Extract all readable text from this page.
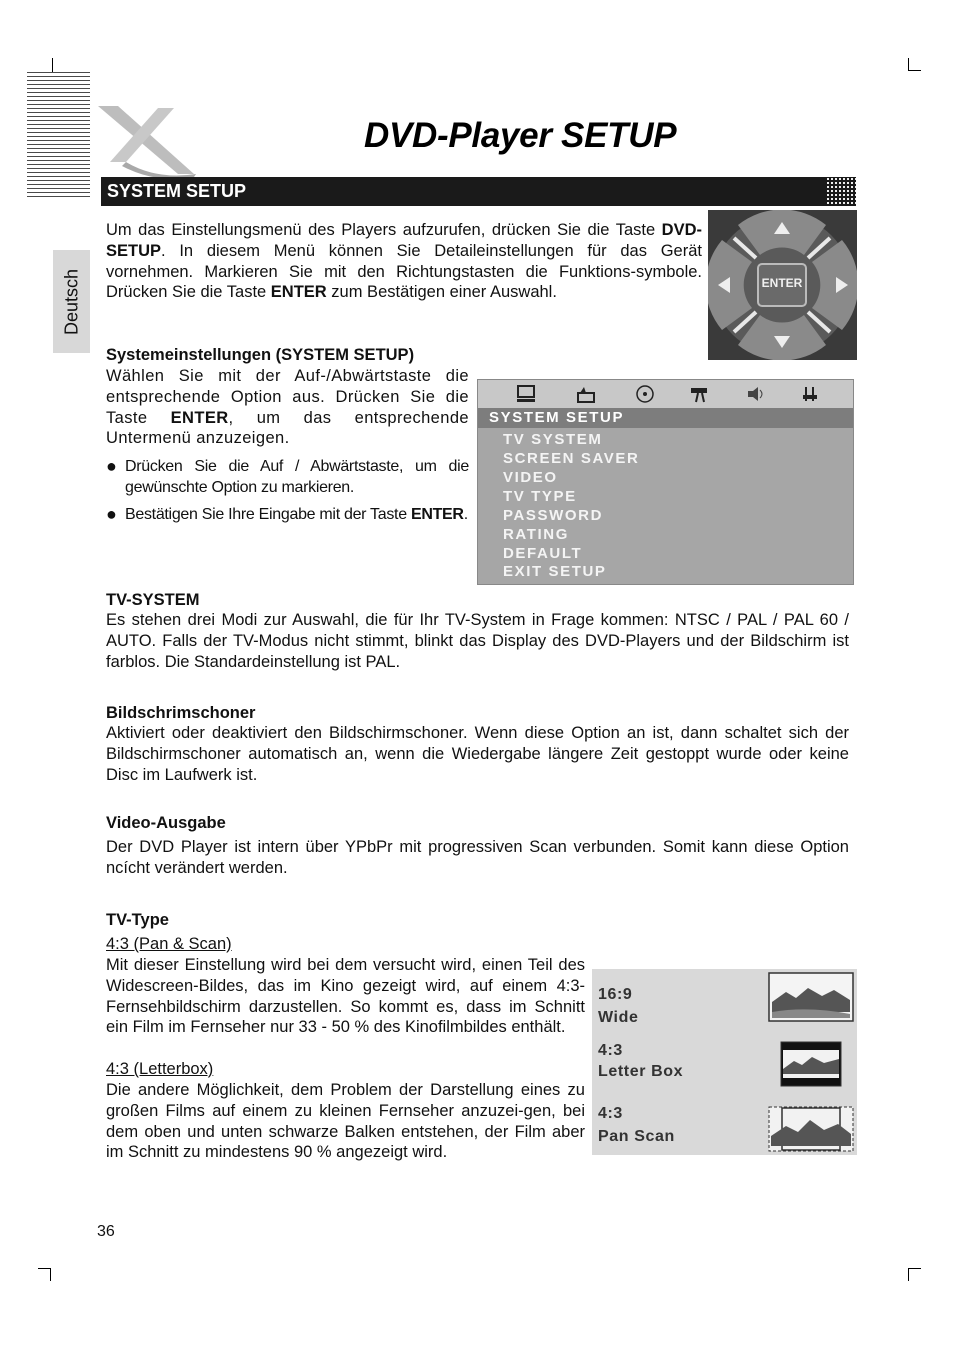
DVD-Player SETUP
SYSTEM SETUP
Deutsch
Um das Einstellungsmenü des Players aufzurufen, drücken Sie die Taste DVD-SETUP. In diesem Menü können Sie Detaileinstellungen für das Gerät vornehmen. Markieren Sie mit den Richtungstasten die Funktions-symbole. Drücken Sie die Taste ENTER zum Bestätigen einer Auswahl.
ENTER
Systemeinstellungen (SYSTEM SETUP)
Wählen Sie mit der Auf-/Abwärtstaste die entsprechende Option aus. Drücken Sie die Taste ENTER, um das entsprechende Untermenü anzuzeigen.
● Drücken Sie die Auf / Abwärtstaste, um die gewünschte Option zu markieren.
● Bestätigen Sie Ihre Eingabe mit der Taste ENTER.
SYSTEM SETUP
TV SYSTEM
SCREEN SAVER
VIDEO
TV TYPE
PASSWORD
RATING
DEFAULT
EXIT SETUP
TV-SYSTEM
Es stehen drei Modi zur Auswahl, die für Ihr TV-System in Frage kommen: NTSC / PAL / PAL 60 / AUTO. Falls der TV-Modus nicht stimmt, blinkt das Display des DVD-Players und der Bildschirm ist farblos. Die Standardeinstellung ist PAL.
Bildschrimschoner
Aktiviert oder deaktiviert den Bildschirmschoner. Wenn diese Option an ist, dann schaltet sich der Bildschirmschoner automatisch an, wenn die Wiedergabe längere Zeit gestoppt wurde oder keine Disc im Laufwerk ist.
Video-Ausgabe
Der DVD Player ist intern über YPbPr mit progressiven Scan verbunden. Somit kann diese Option ncícht verändert werden.
TV-Type
4:3 (Pan & Scan)
Mit dieser Einstellung wird bei dem versucht wird, einen Teil des Widescreen-Bildes, das im Kino gezeigt wird, auf einem 4:3-Fernsehbildschirm darzustellen. So kommt es, dass im Schnitt ein Film im Fernseher nur 33 - 50 % des Kinofilmbildes enthält.
4:3 (Letterbox)
Die andere Möglichkeit, dem Problem der Darstellung eines zu großen Films auf einem zu kleinen Fernseher anzuzei-gen, bei dem oben und unten schwarze Balken entstehen, der Film aber im Schnitt zu mindestens 90 % angezeigt wird.
16:9
Wide
4:3
Letter Box
4:3
Pan Scan
36
